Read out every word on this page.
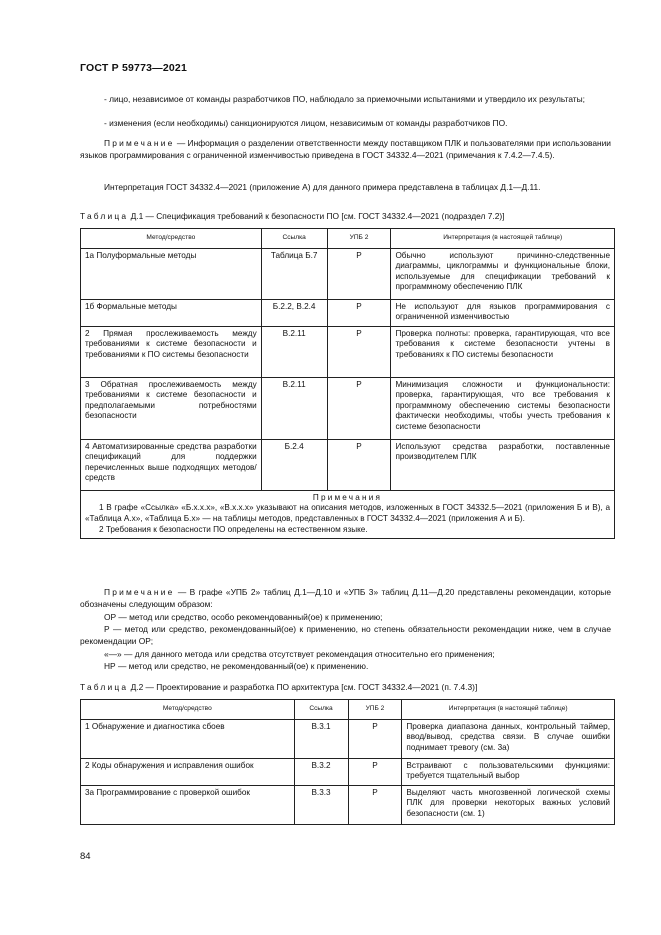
ГОСТ Р 59773—2021
- лицо, независимое от команды разработчиков ПО, наблюдало за приемочными испытаниями и утвердило их результаты;
- изменения (если необходимы) санкционируются лицом, независимым от команды разработчиков ПО.
Примечание — Информация о разделении ответственности между поставщиком ПЛК и пользователями при использовании языков программирования с ограниченной изменчивостью приведена в ГОСТ 34332.4—2021 (примечания к 7.4.2—7.4.5).
Интерпретация ГОСТ 34332.4—2021 (приложение А) для данного примера представлена в таблицах Д.1—Д.11.
Таблица Д.1 — Спецификация требований к безопасности ПО [см. ГОСТ 34332.4—2021 (подраздел 7.2)]
Метод/средство	Ссылка	УПБ 2	Интерпретация (в настоящей таблице)
1а Полуформальные методы	Таблица Б.7	Р	Обычно используют причинно-следственные диаграммы, циклограммы и функциональные блоки, используемые для спецификации требований к программному обеспечению ПЛК
1б Формальные методы	Б.2.2, В.2.4	Р	Не используют для языков программирования с ограниченной изменчивостью
2 Прямая прослеживаемость между требованиями к системе безопасности и требованиями к ПО системы безопасности	В.2.11	Р	Проверка полноты: проверка, гарантирующая, что все требования к системе безопасности учтены в требованиях к ПО системы безопасности
3 Обратная прослеживаемость между требованиями к системе безопасности и предполагаемыми потребностями безопасности	В.2.11	Р	Минимизация сложности и функциональности: проверка, гарантирующая, что все требования к программному обеспечению системы безопасности фактически необходимы, чтобы учесть требования к системе безопасности
4 Автоматизированные средства разработки спецификаций для поддержки перечисленных выше подходящих методов/средств	Б.2.4	Р	Используют средства разработки, поставленные производителем ПЛК

Примечания

1 В графе «Ссылка» «Б.х.х.х», «В.х.х.х» указывают на описания методов, изложенных в ГОСТ 34332.5—2021 (приложения Б и В), а «Таблица А.х», «Таблица Б.х» — на таблицы методов, представленных в ГОСТ 34332.4—2021 (приложения А и Б).

2 Требования к безопасности ПО определены на естественном языке.			

Примечание — В графе «УПБ 2» таблиц Д.1—Д.10 и «УПБ 3» таблиц Д.11—Д.20 представлены рекомендации, которые обозначены следующим образом:
ОР — метод или средство, особо рекомендованный(ое) к применению;
Р — метод или средство, рекомендованный(ое) к применению, но степень обязательности рекомендации ниже, чем в случае рекомендации ОР;
«—» — для данного метода или средства отсутствует рекомендация относительно его применения;
НР — метод или средство, не рекомендованный(ое) к применению.
Таблица Д.2 — Проектирование и разработка ПО архитектура [см. ГОСТ 34332.4—2021 (п. 7.4.3)]
Метод/средство	Ссылка	УПБ 2	Интерпретация (в настоящей таблице)
1 Обнаружение и диагностика сбоев	В.3.1	Р	Проверка диапазона данных, контрольный таймер, ввод/вывод, средства связи. В случае ошибки поднимает тревогу (см. 3а)
2 Коды обнаружения и исправления ошибок	В.3.2	Р	Встраивают с пользовательскими функциями: требуется тщательный выбор
3а Программирование с проверкой ошибок	В.3.3	Р	Выделяют часть многозвенной логической схемы ПЛК для проверки некоторых важных условий безопасности (см. 1)
84
